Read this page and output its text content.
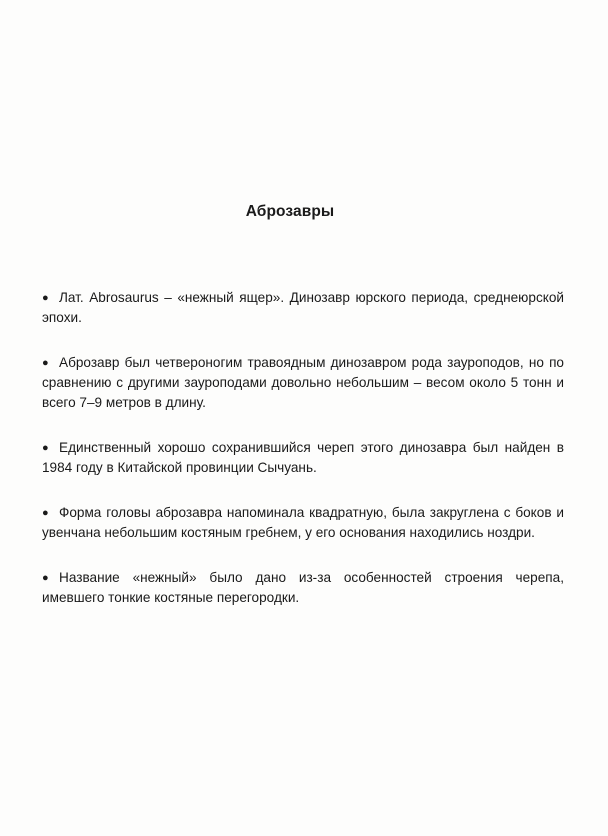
Аброзавры

● Лат. Abrosaurus – «нежный ящер». Динозавр юрского периода, среднеюрской эпохи.

● Аброзавр был четвероногим травоядным динозавром рода зауроподов, но по сравнению с другими зауроподами довольно небольшим – весом около 5 тонн и всего 7–9 метров в длину.

● Единственный хорошо сохранившийся череп этого динозавра был найден в 1984 году в Китайской провинции Сычуань.

● Форма головы аброзавра напоминала квадратную, была закруглена с боков и увенчана небольшим костяным гребнем, у его основания находились ноздри.

● Название «нежный» было дано из-за особенностей строения черепа, имевшего тонкие костяные перегородки.
